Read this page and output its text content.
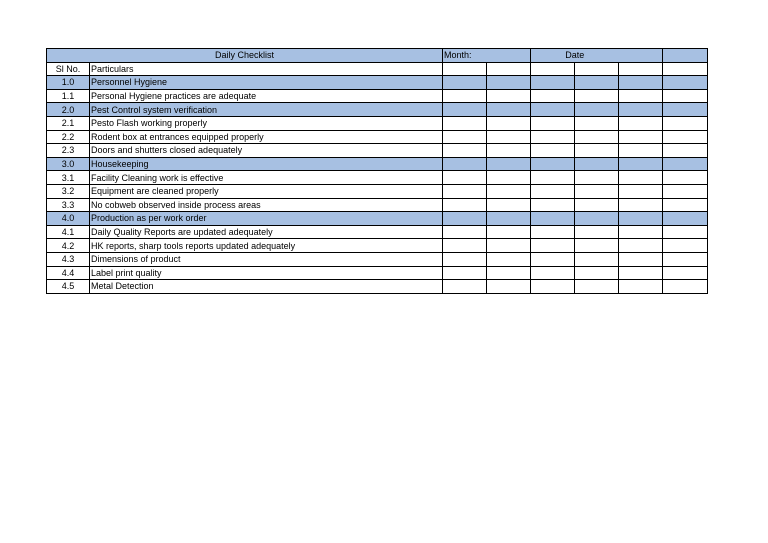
Daily Checklist		Month:		Date			
Sl No.	Particulars						
1.0	Personnel Hygiene						
1.1	Personal Hygiene practices are adequate						
2.0	Pest Control system verification						
2.1	Pesto Flash working properly						
2.2	Rodent box at entrances equipped properly						
2.3	Doors and shutters closed adequately						
3.0	Housekeeping						
3.1	Facility Cleaning work is effective						
3.2	Equipment are cleaned properly						
3.3	No cobweb observed inside process areas						
4.0	Production as per work order						
4.1	Daily Quality Reports are updated adequately						
4.2	HK reports, sharp tools reports updated adequately						
4.3	Dimensions of product						
4.4	Label print quality						
4.5	Metal Detection						
